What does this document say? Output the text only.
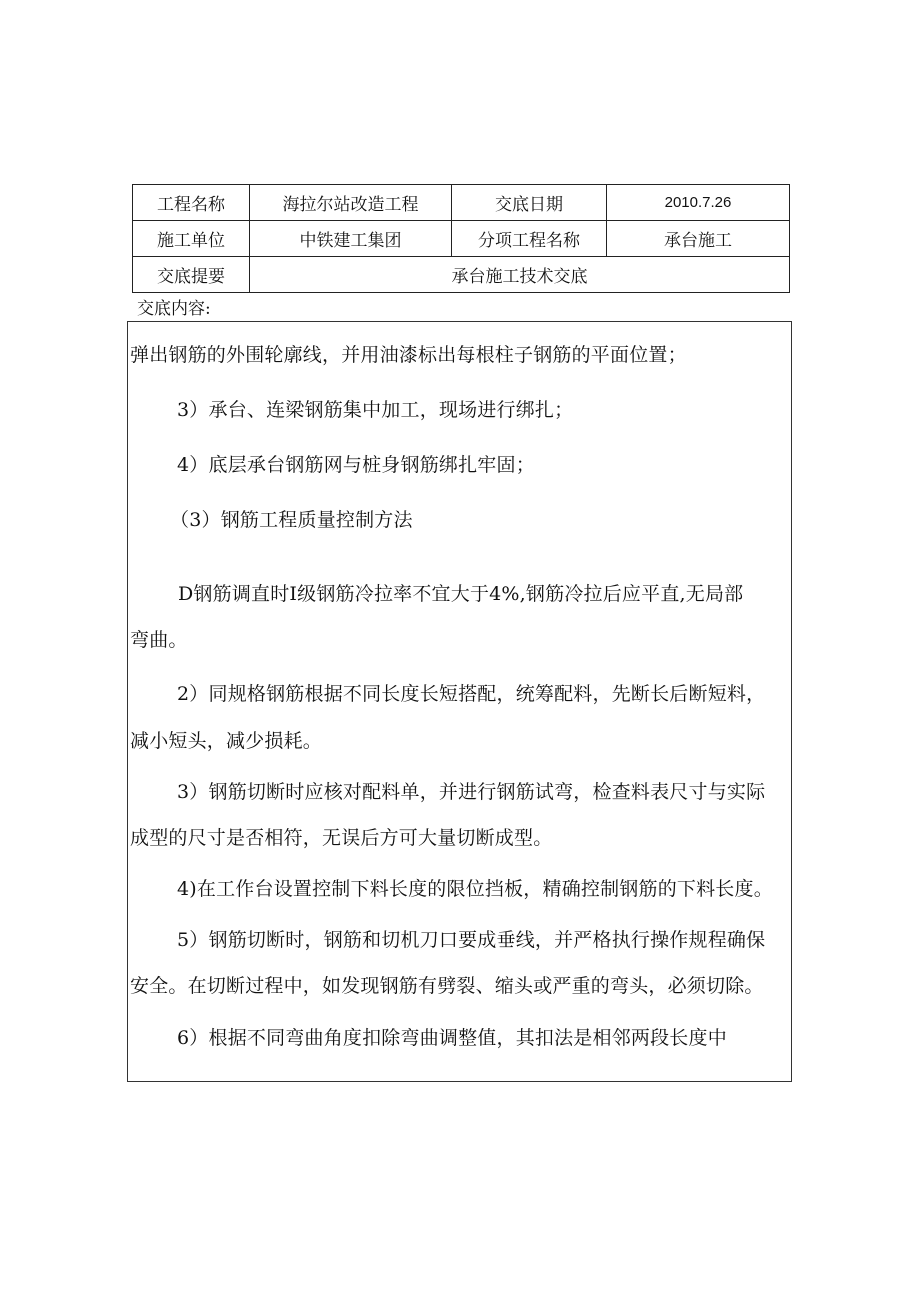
工程名称	海拉尔站改造工程	交底日期	2010.7.26
施工单位	中铁建工集团	分项工程名称	承台施工
交底提要	承台施工技术交底		
交底内容:
弹出钢筋的外围轮廓线，并用油漆标出每根柱子钢筋的平面位置；
3）承台、连梁钢筋集中加工，现场进行绑扎；
4）底层承台钢筋网与桩身钢筋绑扎牢固；
（3）钢筋工程质量控制方法
D钢筋调直时I级钢筋冷拉率不宜大于4%,钢筋冷拉后应平直,无局部
弯曲。
2）同规格钢筋根据不同长度长短搭配，统筹配料，先断长后断短料，
减小短头，减少损耗。
3）钢筋切断时应核对配料单，并进行钢筋试弯，检查料表尺寸与实际
成型的尺寸是否相符，无误后方可大量切断成型。
4)在工作台设置控制下料长度的限位挡板，精确控制钢筋的下料长度。
5）钢筋切断时，钢筋和切机刀口要成垂线，并严格执行操作规程确保
安全。在切断过程中，如发现钢筋有劈裂、缩头或严重的弯头，必须切除。
6）根据不同弯曲角度扣除弯曲调整值，其扣法是相邻两段长度中
